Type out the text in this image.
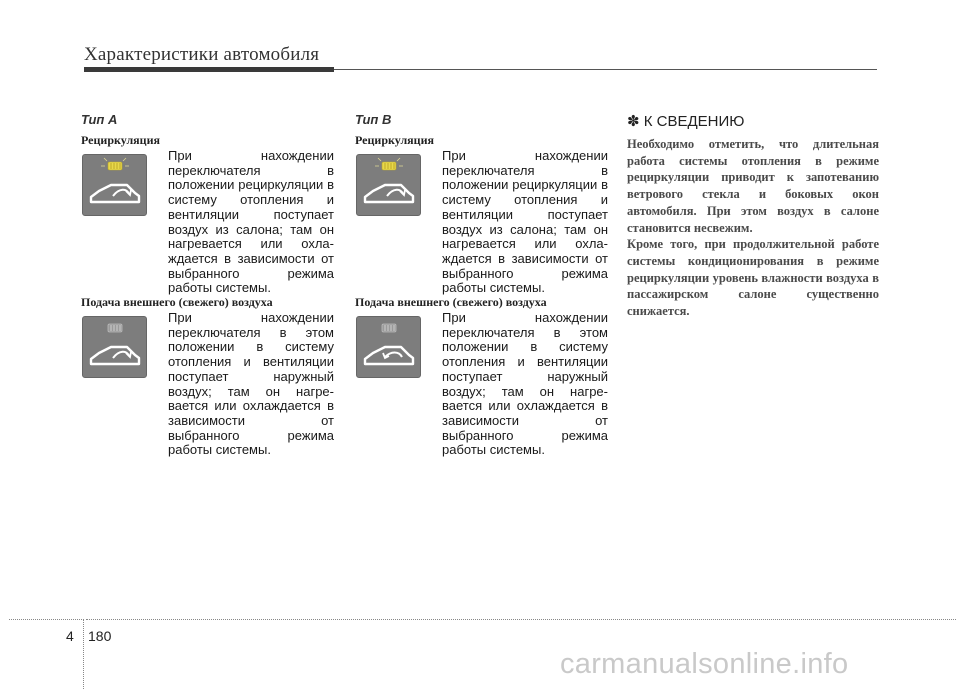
Характеристики автомобиля
Тип A
Рециркуляция
При нахождении переключателя в положении рециркуляции в систему отопления и вентиляции поступает воздух из салона; там он нагревается или охла-ждается в зависимости от выбранного режима работы системы.
Подача внешнего (свежего) воздуха
При нахождении переключателя в этом положении в систему отопления и вентиляции поступает наружный воздух; там он нагре-вается или охлаждается в зависимости от выбранного режима работы системы.
Тип B
Рециркуляция
При нахождении переключателя в положении рециркуляции в систему отопления и вентиляции поступает воздух из салона; там он нагревается или охла-ждается в зависимости от выбранного режима работы системы.
Подача внешнего (свежего) воздуха
При нахождении переключателя в этом положении в систему отопления и вентиляции поступает наружный воздух; там он нагре-вается или охлаждается в зависимости от выбранного режима работы системы.
✽ К СВЕДЕНИЮ

Необходимо отметить, что длительная работа системы отопления в режиме рециркуляции приводит к запотеванию ветрового стекла и боковых окон автомобиля. При этом воздух в салоне становится несвежим.

Кроме того, при продолжительной работе системы кондиционирования в режиме рециркуляции уровень влажности воздуха в пассажирском салоне существенно снижается.

4 180
carmanualsonline.info
